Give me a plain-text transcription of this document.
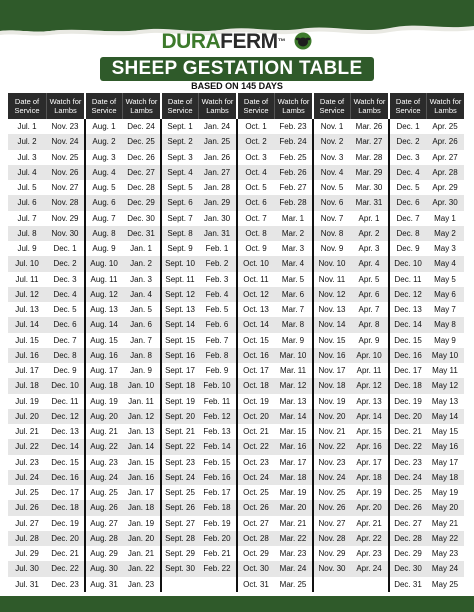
DURAFERM™
SHEEP GESTATION TABLE
BASED ON 145 DAYS
Date of Service
Watch for Lambs
Date of Service
Watch for Lambs
Date of Service
Watch for Lambs
Date of Service
Watch for Lambs
Date of Service
Watch for Lambs
Date of Service
Watch for Lambs
Jul. 1
Jul. 2
Jul. 3
Jul. 4
Jul. 5
Jul. 6
Jul. 7
Jul. 8
Jul. 9
Jul. 10
Jul. 11
Jul. 12
Jul. 13
Jul. 14
Jul. 15
Jul. 16
Jul. 17
Jul. 18
Jul. 19
Jul. 20
Jul. 21
Jul. 22
Jul. 23
Jul. 24
Jul. 25
Jul. 26
Jul. 27
Jul. 28
Jul. 29
Jul. 30
Jul. 31
Nov. 23
Nov. 24
Nov. 25
Nov. 26
Nov. 27
Nov. 28
Nov. 29
Nov. 30
Dec. 1
Dec. 2
Dec. 3
Dec. 4
Dec. 5
Dec. 6
Dec. 7
Dec. 8
Dec. 9
Dec. 10
Dec. 11
Dec. 12
Dec. 13
Dec. 14
Dec. 15
Dec. 16
Dec. 17
Dec. 18
Dec. 19
Dec. 20
Dec. 21
Dec. 22
Dec. 23
Aug. 1
Aug. 2
Aug. 3
Aug. 4
Aug. 5
Aug. 6
Aug. 7
Aug. 8
Aug. 9
Aug. 10
Aug. 11
Aug. 12
Aug. 13
Aug. 14
Aug. 15
Aug. 16
Aug. 17
Aug. 18
Aug. 19
Aug. 20
Aug. 21
Aug. 22
Aug. 23
Aug. 24
Aug. 25
Aug. 26
Aug. 27
Aug. 28
Aug. 29
Aug. 30
Aug. 31
Dec. 24
Dec. 25
Dec. 26
Dec. 27
Dec. 28
Dec. 29
Dec. 30
Dec. 31
Jan. 1
Jan. 2
Jan. 3
Jan. 4
Jan. 5
Jan. 6
Jan. 7
Jan. 8
Jan. 9
Jan. 10
Jan. 11
Jan. 12
Jan. 13
Jan. 14
Jan. 15
Jan. 16
Jan. 17
Jan. 18
Jan. 19
Jan. 20
Jan. 21
Jan. 22
Jan. 23
Sept. 1
Sept. 2
Sept. 3
Sept. 4
Sept. 5
Sept. 6
Sept. 7
Sept. 8
Sept. 9
Sept. 10
Sept. 11
Sept. 12
Sept. 13
Sept. 14
Sept. 15
Sept. 16
Sept. 17
Sept. 18
Sept. 19
Sept. 20
Sept. 21
Sept. 22
Sept. 23
Sept. 24
Sept. 25
Sept. 26
Sept. 27
Sept. 28
Sept. 29
Sept. 30
Jan. 24
Jan. 25
Jan. 26
Jan. 27
Jan. 28
Jan. 29
Jan. 30
Jan. 31
Feb. 1
Feb. 2
Feb. 3
Feb. 4
Feb. 5
Feb. 6
Feb. 7
Feb. 8
Feb. 9
Feb. 10
Feb. 11
Feb. 12
Feb. 13
Feb. 14
Feb. 15
Feb. 16
Feb. 17
Feb. 18
Feb. 19
Feb. 20
Feb. 21
Feb. 22
Oct. 1
Oct. 2
Oct. 3
Oct. 4
Oct. 5
Oct. 6
Oct. 7
Oct. 8
Oct. 9
Oct. 10
Oct. 11
Oct. 12
Oct. 13
Oct. 14
Oct. 15
Oct. 16
Oct. 17
Oct. 18
Oct. 19
Oct. 20
Oct. 21
Oct. 22
Oct. 23
Oct. 24
Oct. 25
Oct. 26
Oct. 27
Oct. 28
Oct. 29
Oct. 30
Oct. 31
Feb. 23
Feb. 24
Feb. 25
Feb. 26
Feb. 27
Feb. 28
Mar. 1
Mar. 2
Mar. 3
Mar. 4
Mar. 5
Mar. 6
Mar. 7
Mar. 8
Mar. 9
Mar. 10
Mar. 11
Mar. 12
Mar. 13
Mar. 14
Mar. 15
Mar. 16
Mar. 17
Mar. 18
Mar. 19
Mar. 20
Mar. 21
Mar. 22
Mar. 23
Mar. 24
Mar. 25
Nov. 1
Nov. 2
Nov. 3
Nov. 4
Nov. 5
Nov. 6
Nov. 7
Nov. 8
Nov. 9
Nov. 10
Nov. 11
Nov. 12
Nov. 13
Nov. 14
Nov. 15
Nov. 16
Nov. 17
Nov. 18
Nov. 19
Nov. 20
Nov. 21
Nov. 22
Nov. 23
Nov. 24
Nov. 25
Nov. 26
Nov. 27
Nov. 28
Nov. 29
Nov. 30
Mar. 26
Mar. 27
Mar. 28
Mar. 29
Mar. 30
Mar. 31
Apr. 1
Apr. 2
Apr. 3
Apr. 4
Apr. 5
Apr. 6
Apr. 7
Apr. 8
Apr. 9
Apr. 10
Apr. 11
Apr. 12
Apr. 13
Apr. 14
Apr. 15
Apr. 16
Apr. 17
Apr. 18
Apr. 19
Apr. 20
Apr. 21
Apr. 22
Apr. 23
Apr. 24
Dec. 1
Dec. 2
Dec. 3
Dec. 4
Dec. 5
Dec. 6
Dec. 7
Dec. 8
Dec. 9
Dec. 10
Dec. 11
Dec. 12
Dec. 13
Dec. 14
Dec. 15
Dec. 16
Dec. 17
Dec. 18
Dec. 19
Dec. 20
Dec. 21
Dec. 22
Dec. 23
Dec. 24
Dec. 25
Dec. 26
Dec. 27
Dec. 28
Dec. 29
Dec. 30
Dec. 31
Apr. 25
Apr. 26
Apr. 27
Apr. 28
Apr. 29
Apr. 30
May 1
May 2
May 3
May 4
May 5
May 6
May 7
May 8
May 9
May 10
May 11
May 12
May 13
May 14
May 15
May 16
May 17
May 18
May 19
May 20
May 21
May 22
May 23
May 24
May 25
